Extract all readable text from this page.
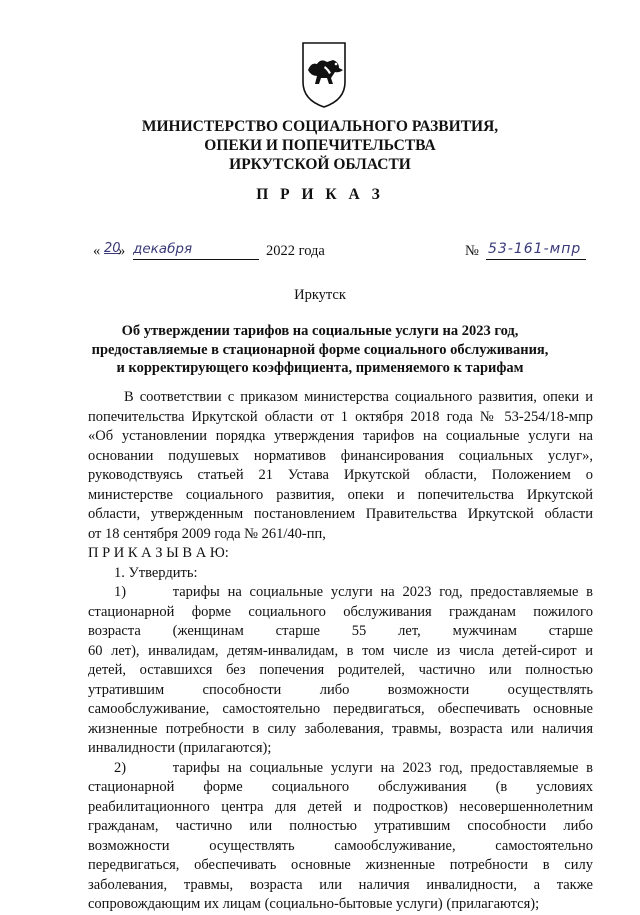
МИНИСТЕРСТВО СОЦИАЛЬНОГО РАЗВИТИЯ,
ОПЕКИ И ПОПЕЧИТЕЛЬСТВА
ИРКУТСКОЙ ОБЛАСТИ
П Р И К А З
« 20
» декабря	2022 года	№ 53-161-мпр
Иркутск
Об утверждении тарифов на социальные услуги на 2023 год,
предоставляемые в стационарной форме социального обслуживания,
и корректирующего коэффициента, применяемого к тарифам
В соответствии с приказом министерства социального развития, опеки и
попечительства Иркутской области от 1 октября 2018 года № 53-254/18-мпр
«Об установлении порядка утверждения тарифов на социальные услуги на
основании подушевых нормативов финансирования социальных услуг»,
руководствуясь статьей 21 Устава Иркутской области, Положением о
министерстве социального развития, опеки и попечительства Иркутской
области, утвержденным постановлением Правительства Иркутской области
от 18 сентября 2009 года № 261/40-пп,
П Р И К А З Ы В А Ю:
1. Утвердить:
1)	тарифы на социальные услуги на 2023 год, предоставляемые в
стационарной форме социального обслуживания гражданам пожилого
возраста (женщинам старше 55 лет, мужчинам старше
60 лет), инвалидам, детям-инвалидам, в том числе из числа детей-сирот и
детей, оставшихся без попечения родителей, частично или полностью
утратившим способности либо возможности осуществлять
самообслуживание, самостоятельно передвигаться, обеспечивать основные
жизненные потребности в силу заболевания, травмы, возраста или наличия
инвалидности (прилагаются);
2)	тарифы на социальные услуги на 2023 год, предоставляемые в
стационарной форме социального обслуживания (в условиях
реабилитационного центра для детей и подростков) несовершеннолетним
гражданам, частично или полностью утратившим способности либо
возможности осуществлять самообслуживание, самостоятельно
передвигаться, обеспечивать основные жизненные потребности в силу
заболевания, травмы, возраста или наличия инвалидности, а также
сопровождающим их лицам (социально-бытовые услуги) (прилагаются);
